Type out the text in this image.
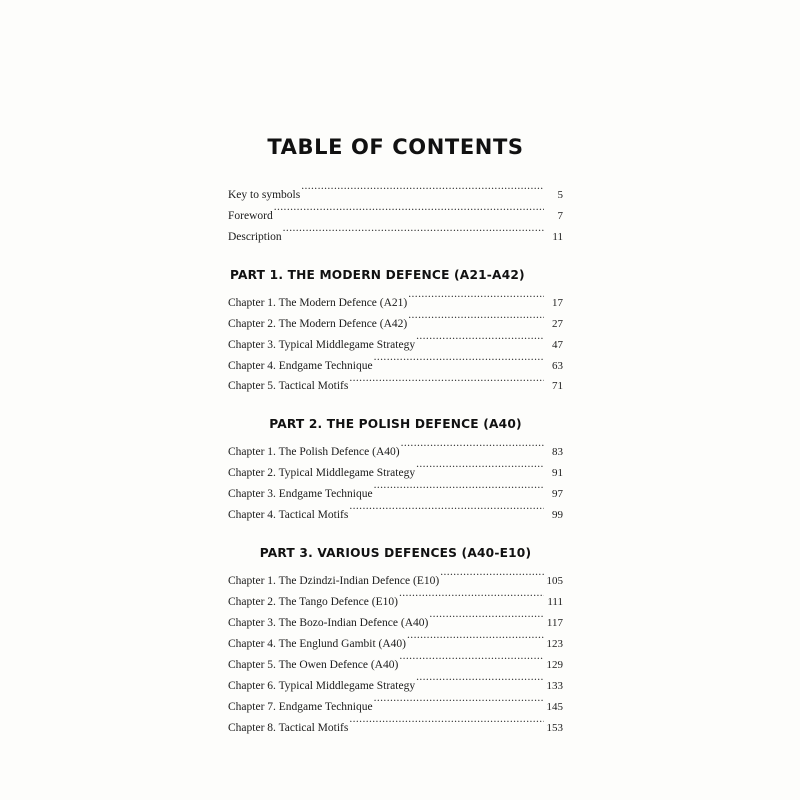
TABLE OF CONTENTS
Key to symbols .....	5
Foreword .....	7
Description .....	11
PART 1. THE MODERN DEFENCE (A21-A42)
Chapter 1. The Modern Defence (A21) .....	17
Chapter 2. The Modern Defence (A42) .....	27
Chapter 3. Typical Middlegame Strategy .....	47
Chapter 4. Endgame Technique .....	63
Chapter 5. Tactical Motifs .....	71
PART 2. THE POLISH DEFENCE (A40)
Chapter 1. The Polish Defence (A40) .....	83
Chapter 2. Typical Middlegame Strategy .....	91
Chapter 3. Endgame Technique .....	97
Chapter 4. Tactical Motifs .....	99
PART 3. VARIOUS DEFENCES (A40-E10)
Chapter 1. The Dzindzi-Indian Defence (E10) .....	105
Chapter 2. The Tango Defence (E10) .....	111
Chapter 3. The Bozo-Indian Defence (A40) .....	117
Chapter 4. The Englund Gambit (A40) .....	123
Chapter 5. The Owen Defence (A40) .....	129
Chapter 6. Typical Middlegame Strategy .....	133
Chapter 7. Endgame Technique .....	145
Chapter 8. Tactical Motifs .....	153
